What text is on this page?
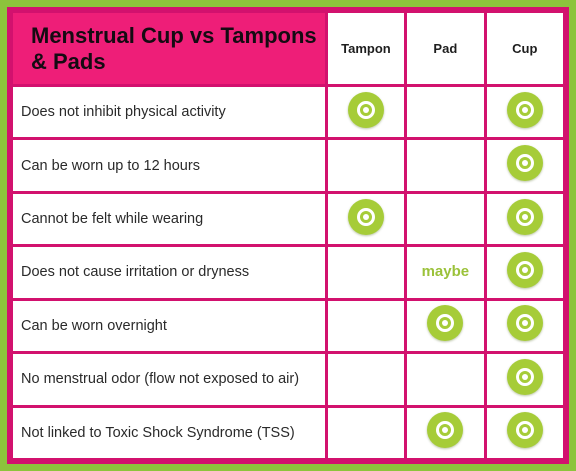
Menstrual Cup vs Tampons & Pads	Tampon	Pad	Cup
Does not inhibit physical activity			
Can be worn up to 12 hours			
Cannot be felt while wearing			
Does not cause irritation or dryness		maybe	
Can be worn overnight			
No menstrual odor (flow not exposed to air)			
Not linked to Toxic Shock Syndrome (TSS)			
